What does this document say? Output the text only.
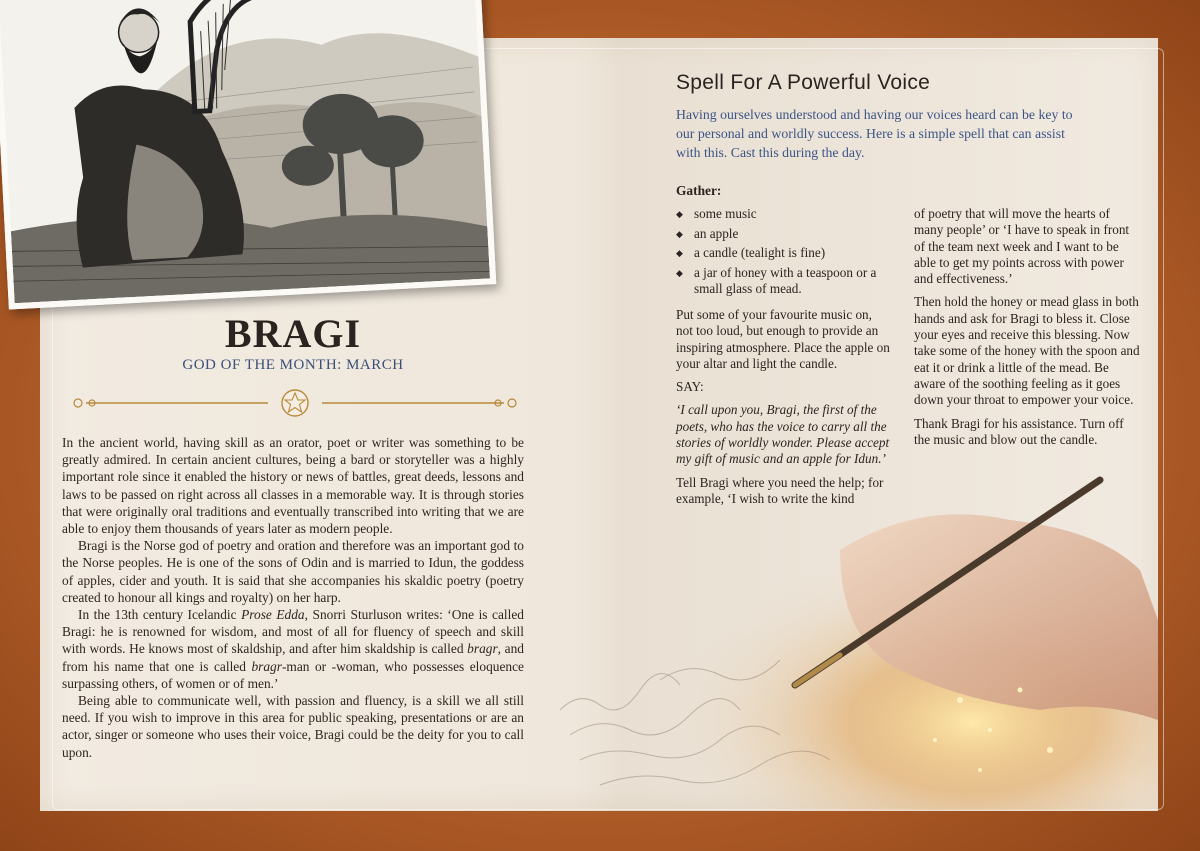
BRAGI
GOD OF THE MONTH: MARCH

In the ancient world, having skill as an orator, poet or writer was something to be greatly admired. In certain ancient cultures, being a bard or storyteller was a highly important role since it enabled the history or news of battles, great deeds, lessons and laws to be passed on right across all classes in a memorable way. It is through stories that were originally oral traditions and eventually transcribed into writing that we are able to enjoy them thousands of years later as modern people.

Bragi is the Norse god of poetry and oration and therefore was an important god to the Norse peoples. He is one of the sons of Odin and is married to Idun, the goddess of apples, cider and youth. It is said that she accompanies his skaldic poetry (poetry created to honour all kings and royalty) on her harp.

In the 13th century Icelandic Prose Edda, Snorri Sturluson writes: ‘One is called Bragi: he is renowned for wisdom, and most of all for fluency of speech and skill with words. He knows most of skaldship, and after him skaldship is called bragr, and from his name that one is called bragr-man or -woman, who possesses eloquence surpassing others, of women or of men.’

Being able to communicate well, with passion and fluency, is a skill we all still need. If you wish to improve in this area for public speaking, presentations or are an actor, singer or someone who uses their voice, Bragi could be the deity for you to call upon.

Spell For A Powerful Voice
Having ourselves understood and having our voices heard can be key to our personal and worldly success. Here is a simple spell that can assist with this. Cast this during the day.
Gather:
◆ some music
◆ an apple
◆ a candle (tealight is fine)
◆ a jar of honey with a teaspoon or a small glass of mead.

Put some of your favourite music on, not too loud, but enough to provide an inspiring atmosphere. Place the apple on your altar and light the candle.

SAY:

‘I call upon you, Bragi, the first of the poets, who has the voice to carry all the stories of worldly wonder. Please accept my gift of music and an apple for Idun.’

Tell Bragi where you need the help; for example, ‘I wish to write the kind

of poetry that will move the hearts of many people’ or ‘I have to speak in front of the team next week and I want to be able to get my points across with power and effectiveness.’

Then hold the honey or mead glass in both hands and ask for Bragi to bless it. Close your eyes and receive this blessing. Now take some of the honey with the spoon and eat it or drink a little of the mead. Be aware of the soothing feeling as it goes down your throat to empower your voice.

Thank Bragi for his assistance. Turn off the music and blow out the candle.
